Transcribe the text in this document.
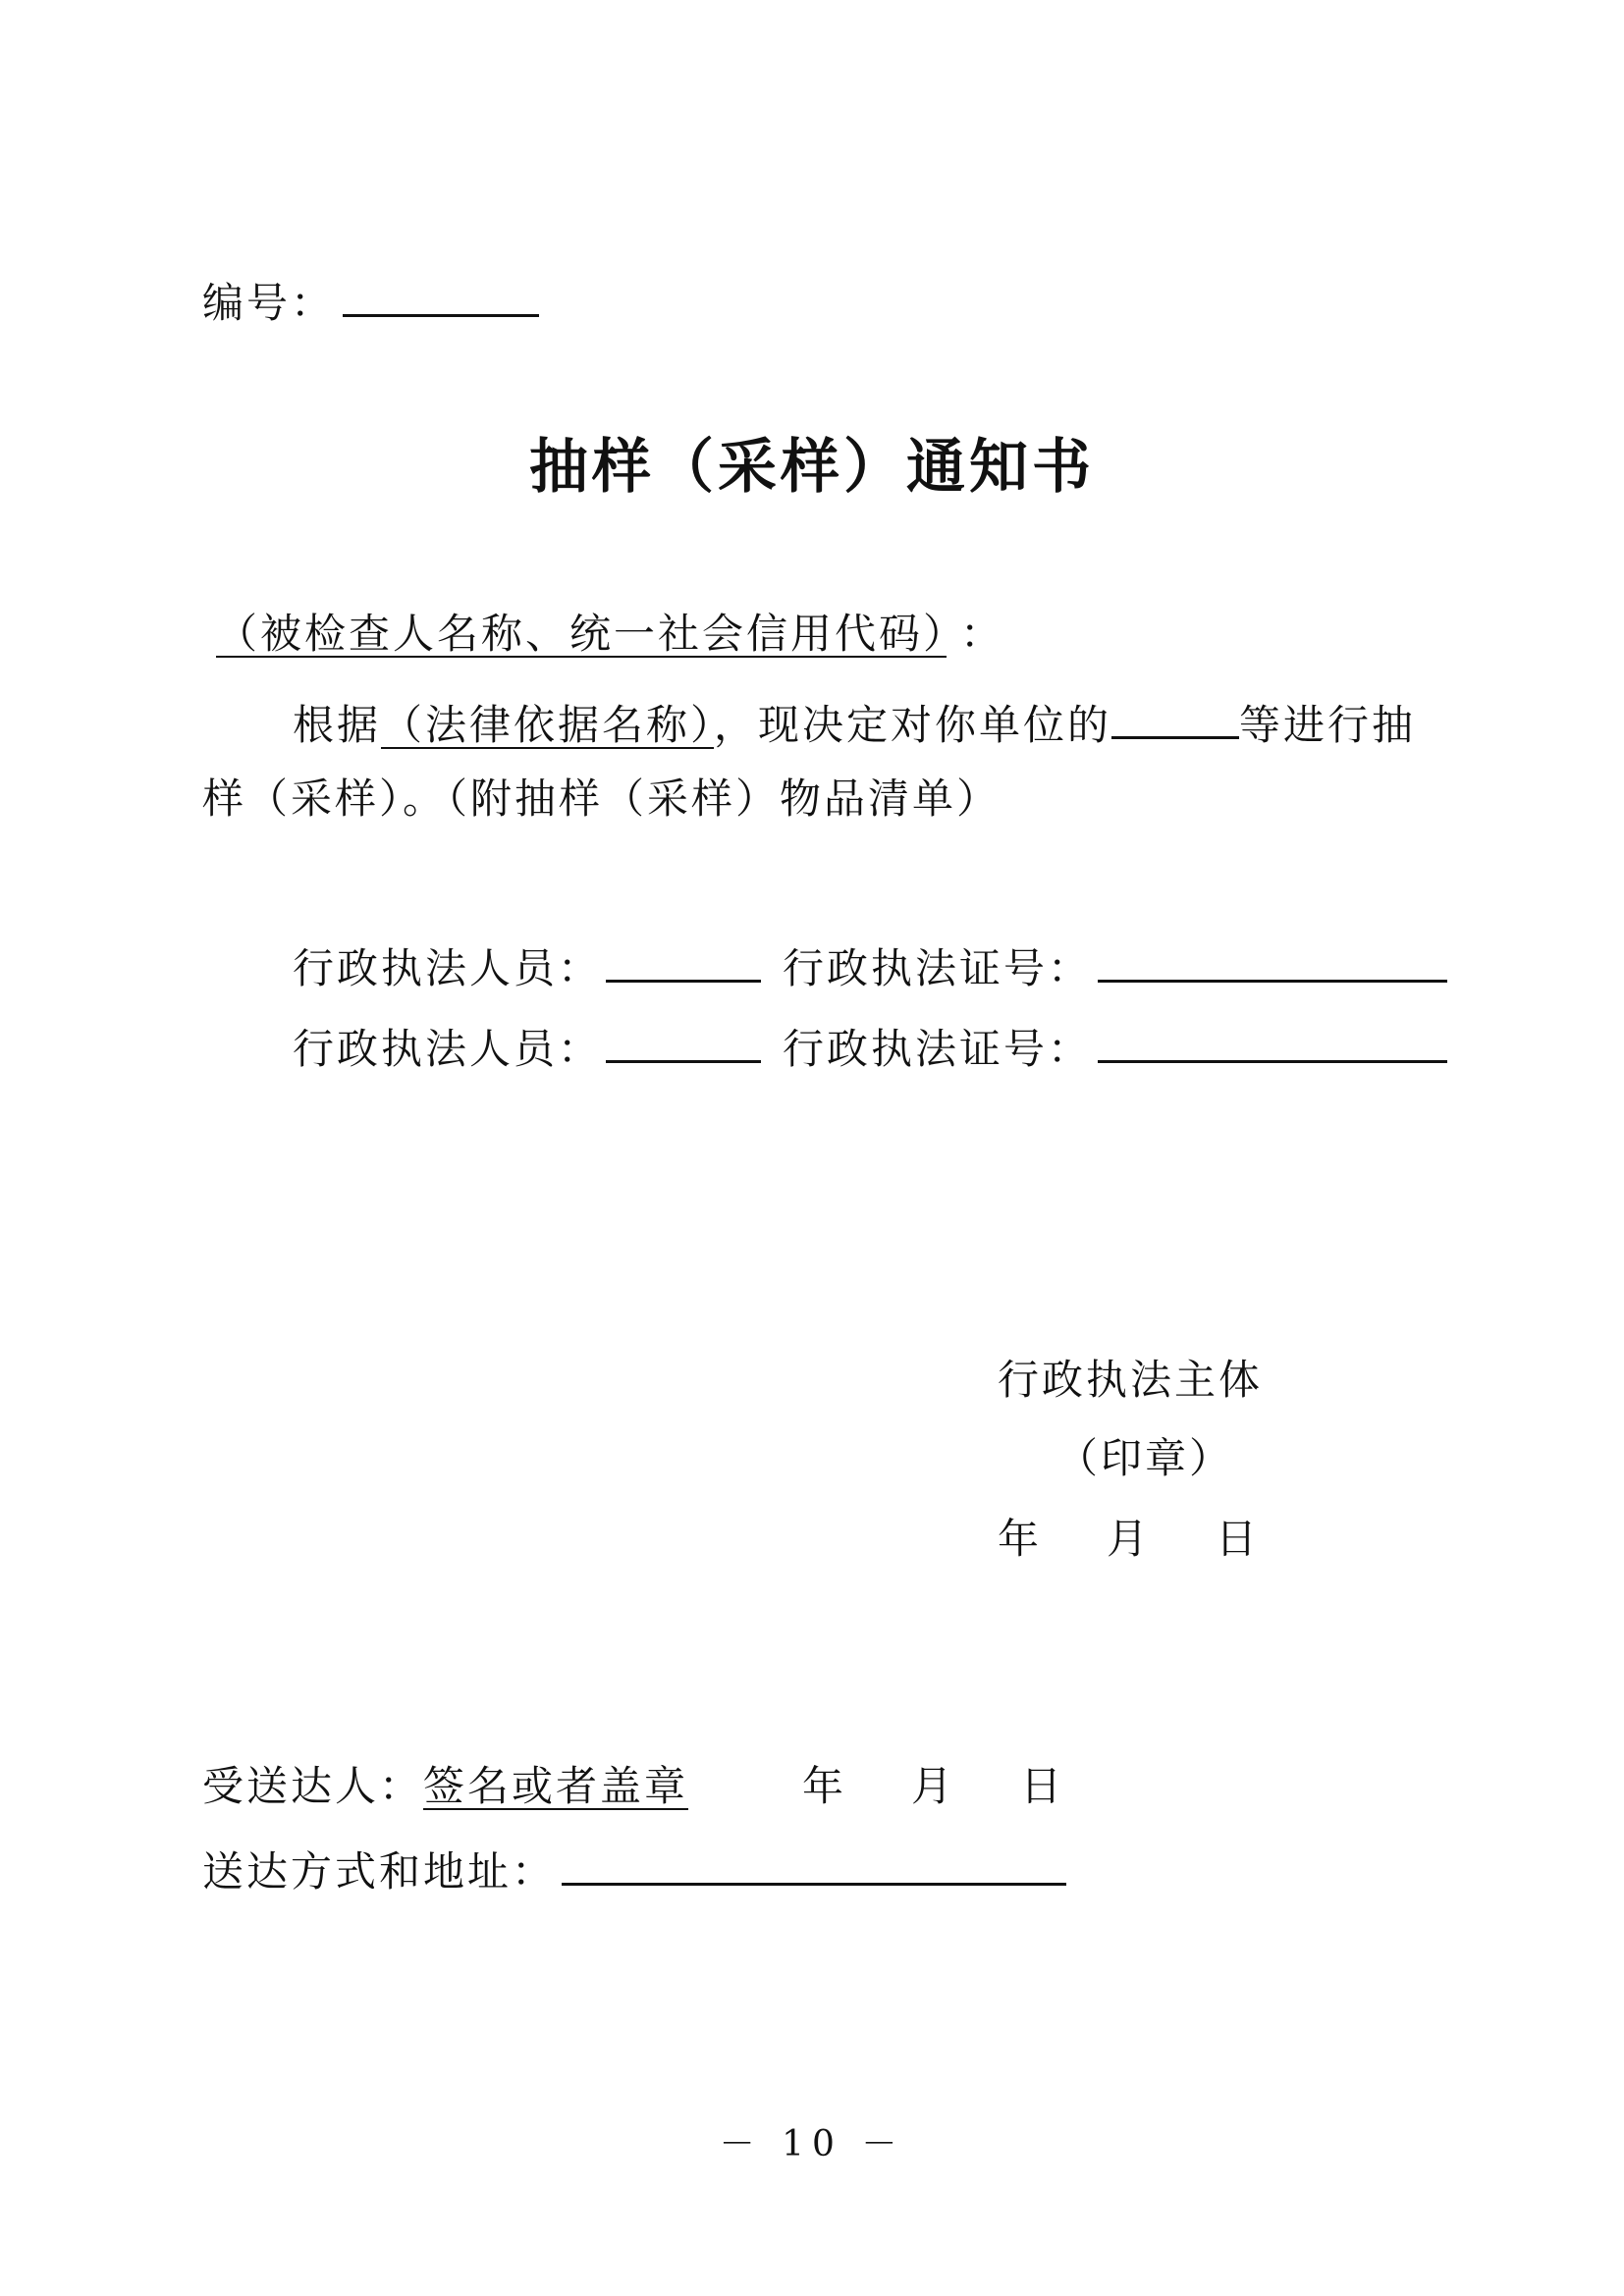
编号：
抽样（采样）通知书
（被检查人名称、统一社会信用代码） ：
根据（法律依据名称），现决定对你单位的	等进行抽
样（采样）。（附抽样（采样）物品清单）
行政执法人员：	行政执法证号：
行政执法人员：	行政执法证号：
行政执法主体
（印章）
年 月 日
受送达人：签名或者盖章	年 月 日
送达方式和地址：
－ 10 －
